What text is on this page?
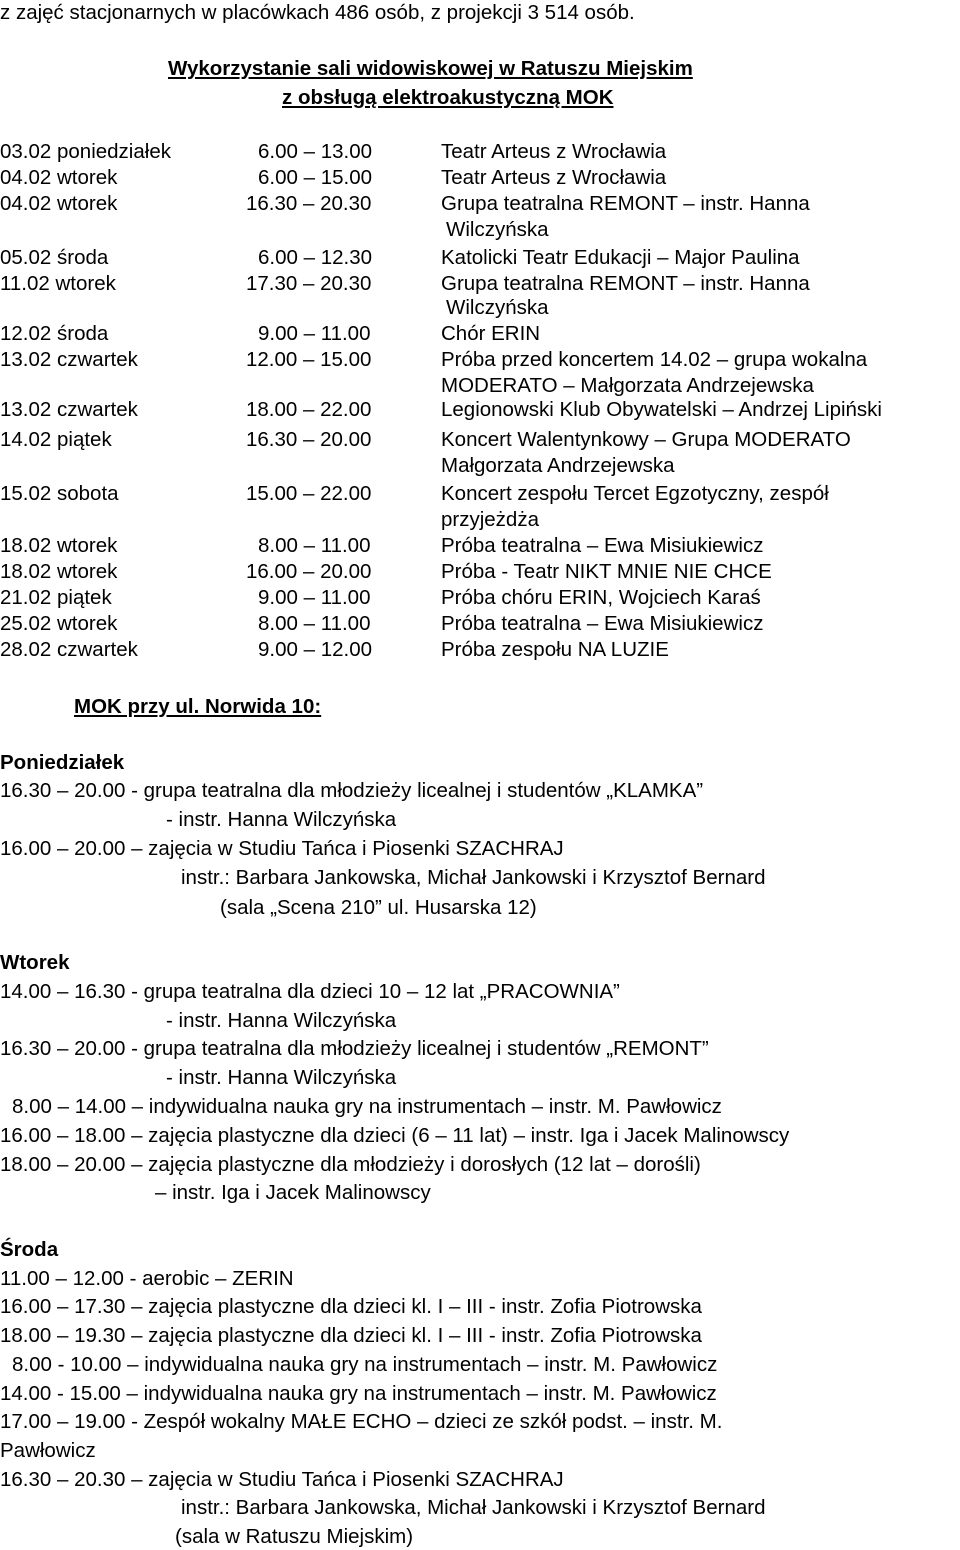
z zajęć stacjonarnych w placówkach 486 osób, z projekcji 3 514 osób.
Wykorzystanie sali widowiskowej w Ratuszu Miejskim
z obsługą elektroakustyczną MOK
03.02 poniedziałek	6.00 – 13.00	Teatr Arteus z Wrocławia
04.02 wtorek	6.00 – 15.00	Teatr Arteus z Wrocławia
04.02 wtorek	16.30 – 20.30	Grupa teatralna REMONT – instr. Hanna
Wilczyńska
05.02 środa	6.00 – 12.30	Katolicki Teatr Edukacji – Major Paulina
11.02 wtorek	17.30 – 20.30	Grupa teatralna REMONT – instr. Hanna
Wilczyńska
12.02 środa	9.00 – 11.00	Chór ERIN
13.02 czwartek	12.00 – 15.00	Próba przed koncertem 14.02 – grupa wokalna
MODERATO – Małgorzata Andrzejewska
13.02 czwartek	18.00 – 22.00	Legionowski Klub Obywatelski – Andrzej Lipiński
14.02 piątek	16.30 – 20.00	Koncert Walentynkowy – Grupa MODERATO
Małgorzata Andrzejewska
15.02 sobota	15.00 – 22.00	Koncert zespołu Tercet Egzotyczny, zespół
przyjeżdża
18.02 wtorek	8.00 – 11.00	Próba teatralna – Ewa Misiukiewicz
18.02 wtorek	16.00 – 20.00	Próba - Teatr NIKT MNIE NIE CHCE
21.02 piątek	9.00 – 11.00	Próba chóru ERIN, Wojciech Karaś
25.02 wtorek	8.00 – 11.00	Próba teatralna – Ewa Misiukiewicz
28.02 czwartek	9.00 – 12.00	Próba zespołu NA LUZIE
MOK przy ul. Norwida 10:
Poniedziałek
16.30 – 20.00 - grupa teatralna dla młodzieży licealnej i studentów „KLAMKA”
- instr. Hanna Wilczyńska
16.00 – 20.00 – zajęcia w Studiu Tańca i Piosenki SZACHRAJ
instr.: Barbara Jankowska, Michał Jankowski i Krzysztof Bernard
(sala „Scena 210” ul. Husarska 12)
Wtorek
14.00 – 16.30 - grupa teatralna dla dzieci 10 – 12 lat „PRACOWNIA”
- instr. Hanna Wilczyńska
16.30 – 20.00 - grupa teatralna dla młodzieży licealnej i studentów „REMONT”
- instr. Hanna Wilczyńska
8.00 – 14.00 – indywidualna nauka gry na instrumentach – instr. M. Pawłowicz
16.00 – 18.00 – zajęcia plastyczne dla dzieci (6 – 11 lat) – instr. Iga i Jacek Malinowscy
18.00 – 20.00 – zajęcia plastyczne dla młodzieży i dorosłych (12 lat – dorośli)
– instr. Iga i Jacek Malinowscy
Środa
11.00 – 12.00 - aerobic – ZERIN
16.00 – 17.30 – zajęcia plastyczne dla dzieci kl. I – III - instr. Zofia Piotrowska
18.00 – 19.30 – zajęcia plastyczne dla dzieci kl. I – III - instr. Zofia Piotrowska
8.00 - 10.00 – indywidualna nauka gry na instrumentach – instr. M. Pawłowicz
14.00 - 15.00 – indywidualna nauka gry na instrumentach – instr. M. Pawłowicz
17.00 – 19.00 - Zespół wokalny MAŁE ECHO – dzieci ze szkół podst. – instr. M.
Pawłowicz
16.30 – 20.30 – zajęcia w Studiu Tańca i Piosenki SZACHRAJ
instr.: Barbara Jankowska, Michał Jankowski i Krzysztof Bernard
(sala w Ratuszu Miejskim)
